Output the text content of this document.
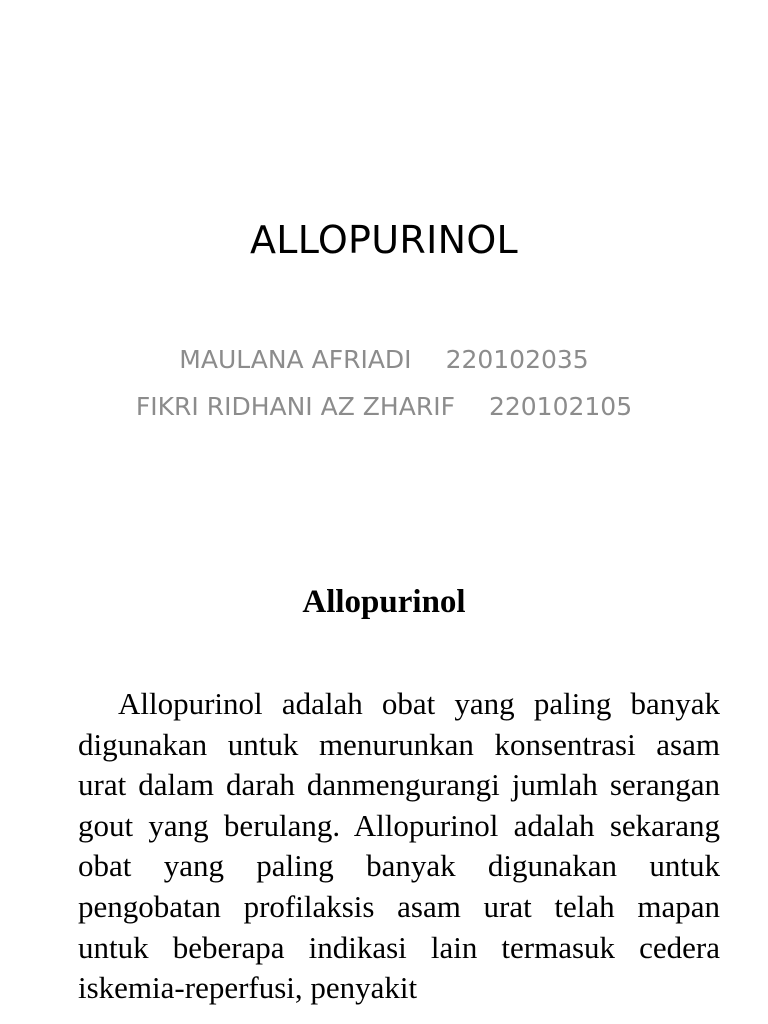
ALLOPURINOL
MAULANA AFRIADI 220102035
FIKRI RIDHANI AZ ZHARIF 220102105
Allopurinol

Allopurinol adalah obat yang paling banyak digunakan untuk menurunkan konsentrasi asam urat dalam darah danmengurangi jumlah serangan gout yang berulang. Allopurinol adalah sekarang obat yang paling banyak digunakan untuk pengobatan profilaksis asam urat telah mapan untuk beberapa indikasi lain termasuk cedera iskemia-reperfusi, penyakit
